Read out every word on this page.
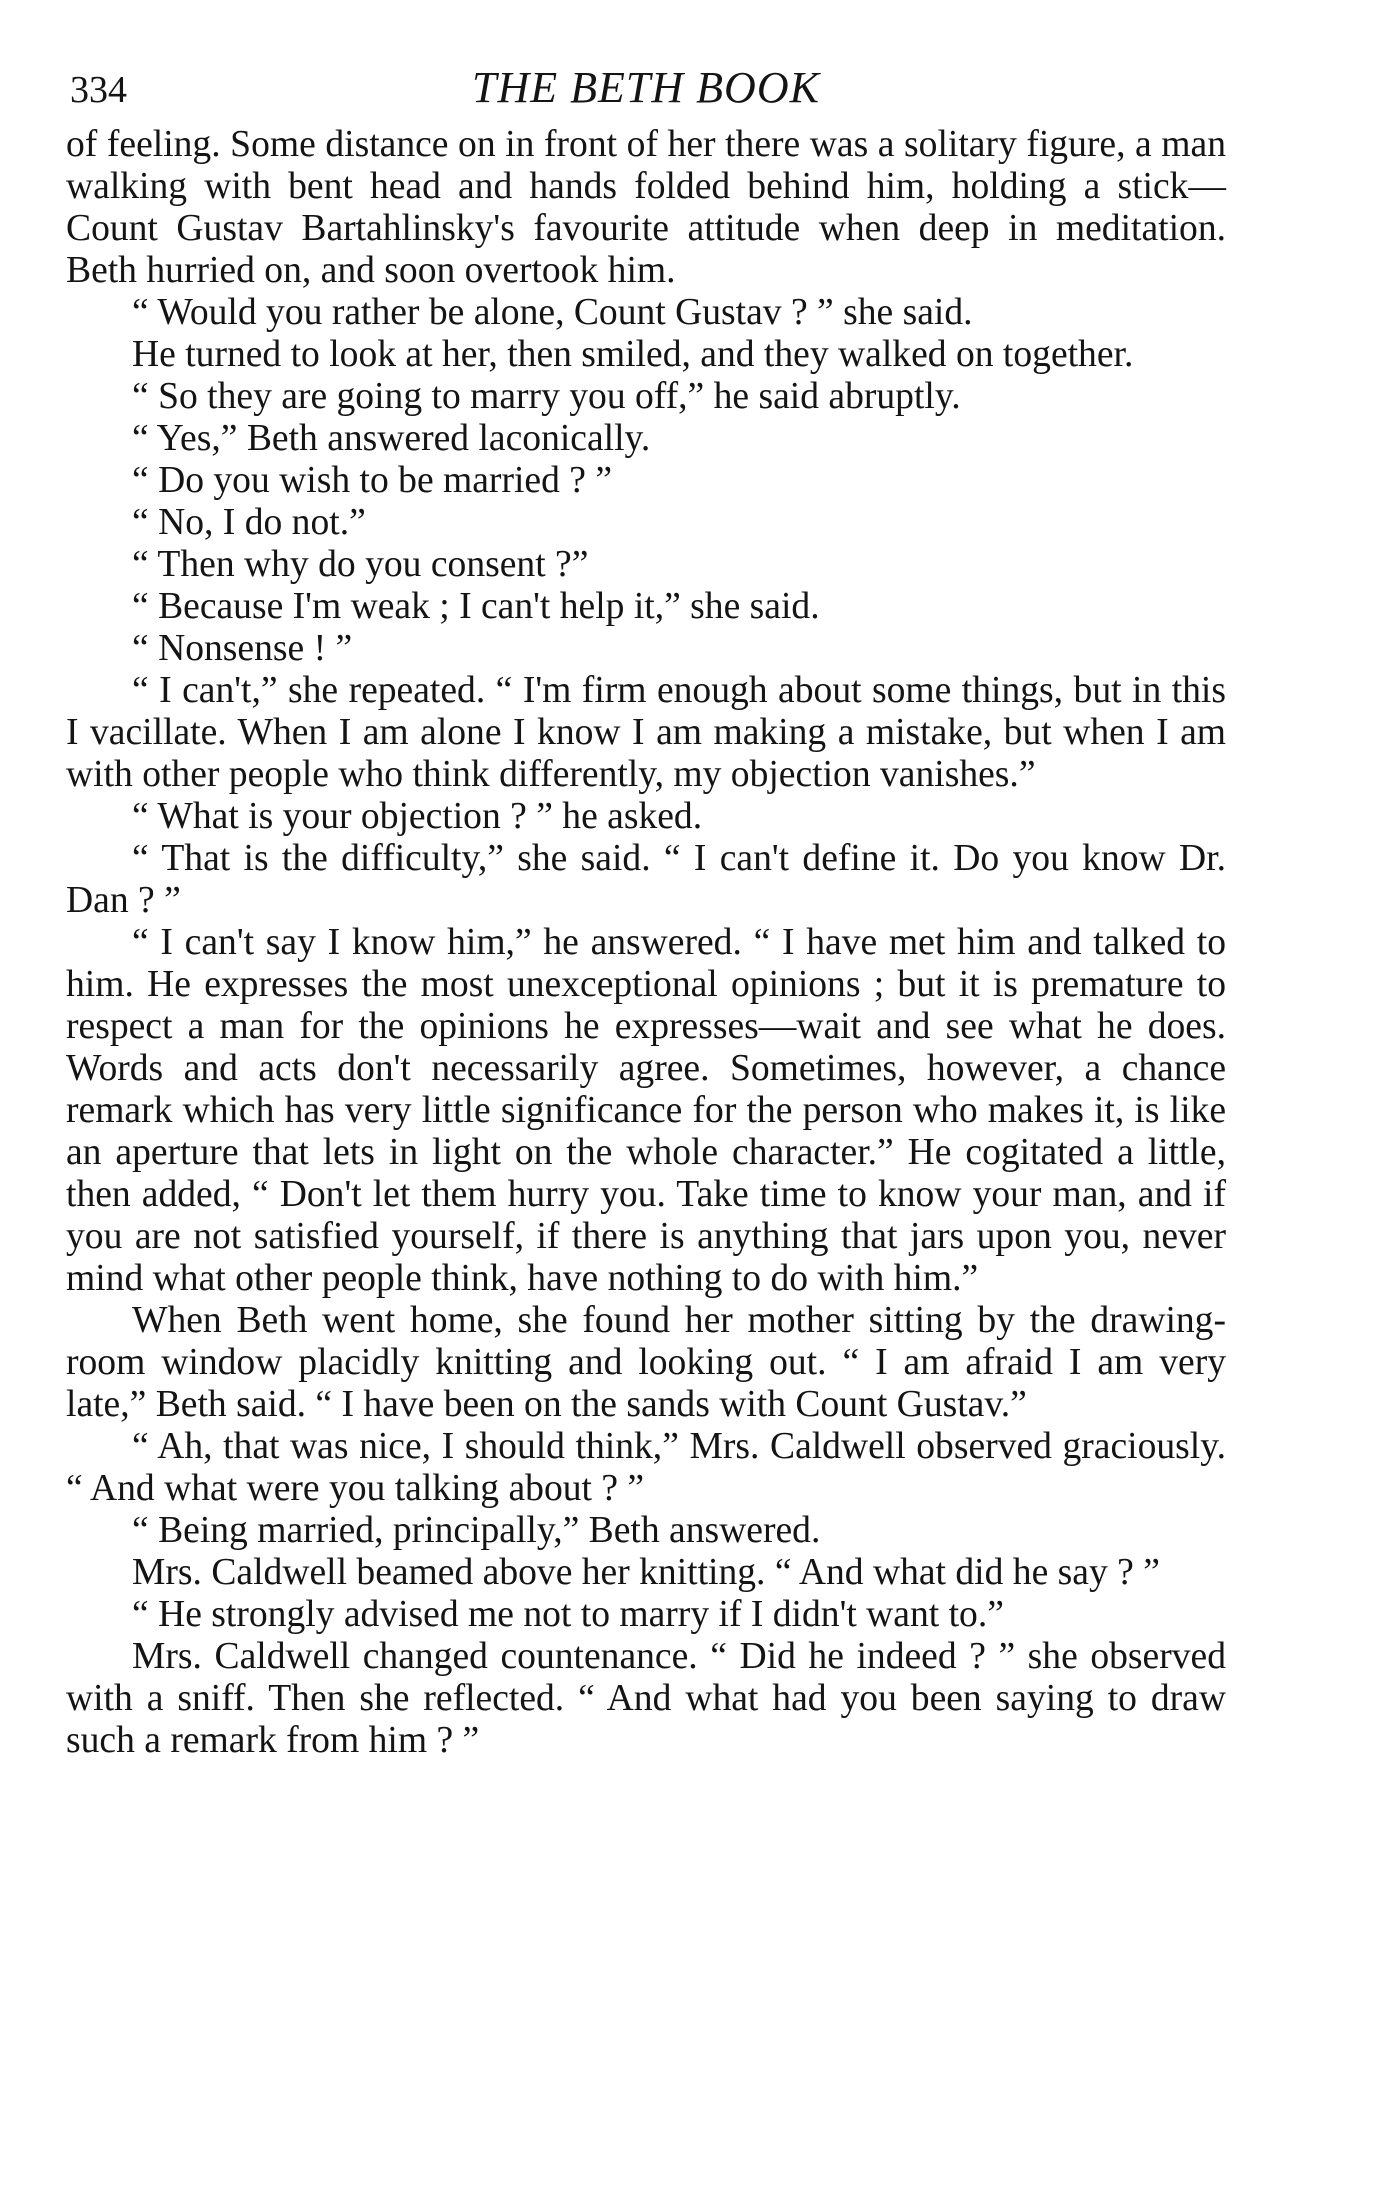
334	THE BETH BOOK

of feeling. Some distance on in front of her there was a solitary figure, a man walking with bent head and hands folded behind him, holding a stick—Count Gustav Bartahlinsky's favourite attitude when deep in meditation. Beth hurried on, and soon overtook him.

“ Would you rather be alone, Count Gustav ? ” she said.

He turned to look at her, then smiled, and they walked on together.

“ So they are going to marry you off,” he said abruptly.

“ Yes,” Beth answered laconically.

“ Do you wish to be married ? ”

“ No, I do not.”

“ Then why do you consent ?”

“ Because I'm weak ; I can't help it,” she said.

“ Nonsense ! ”

“ I can't,” she repeated. “ I'm firm enough about some things, but in this I vacillate. When I am alone I know I am making a mistake, but when I am with other people who think differently, my objection vanishes.”

“ What is your objection ? ” he asked.

“ That is the difficulty,” she said. “ I can't define it. Do you know Dr. Dan ? ”

“ I can't say I know him,” he answered. “ I have met him and talked to him. He expresses the most unexceptional opinions ; but it is premature to respect a man for the opinions he expresses—wait and see what he does. Words and acts don't necessarily agree. Sometimes, however, a chance remark which has very little significance for the person who makes it, is like an aperture that lets in light on the whole character.” He cogitated a little, then added, “ Don't let them hurry you. Take time to know your man, and if you are not satisfied yourself, if there is anything that jars upon you, never mind what other people think, have nothing to do with him.”

When Beth went home, she found her mother sitting by the drawing-room window placidly knitting and looking out. “ I am afraid I am very late,” Beth said. “ I have been on the sands with Count Gustav.”

“ Ah, that was nice, I should think,” Mrs. Caldwell observed graciously. “ And what were you talking about ? ”

“ Being married, principally,” Beth answered.

Mrs. Caldwell beamed above her knitting. “ And what did he say ? ”

“ He strongly advised me not to marry if I didn't want to.”

Mrs. Caldwell changed countenance. “ Did he indeed ? ” she observed with a sniff. Then she reflected. “ And what had you been saying to draw such a remark from him ? ”
